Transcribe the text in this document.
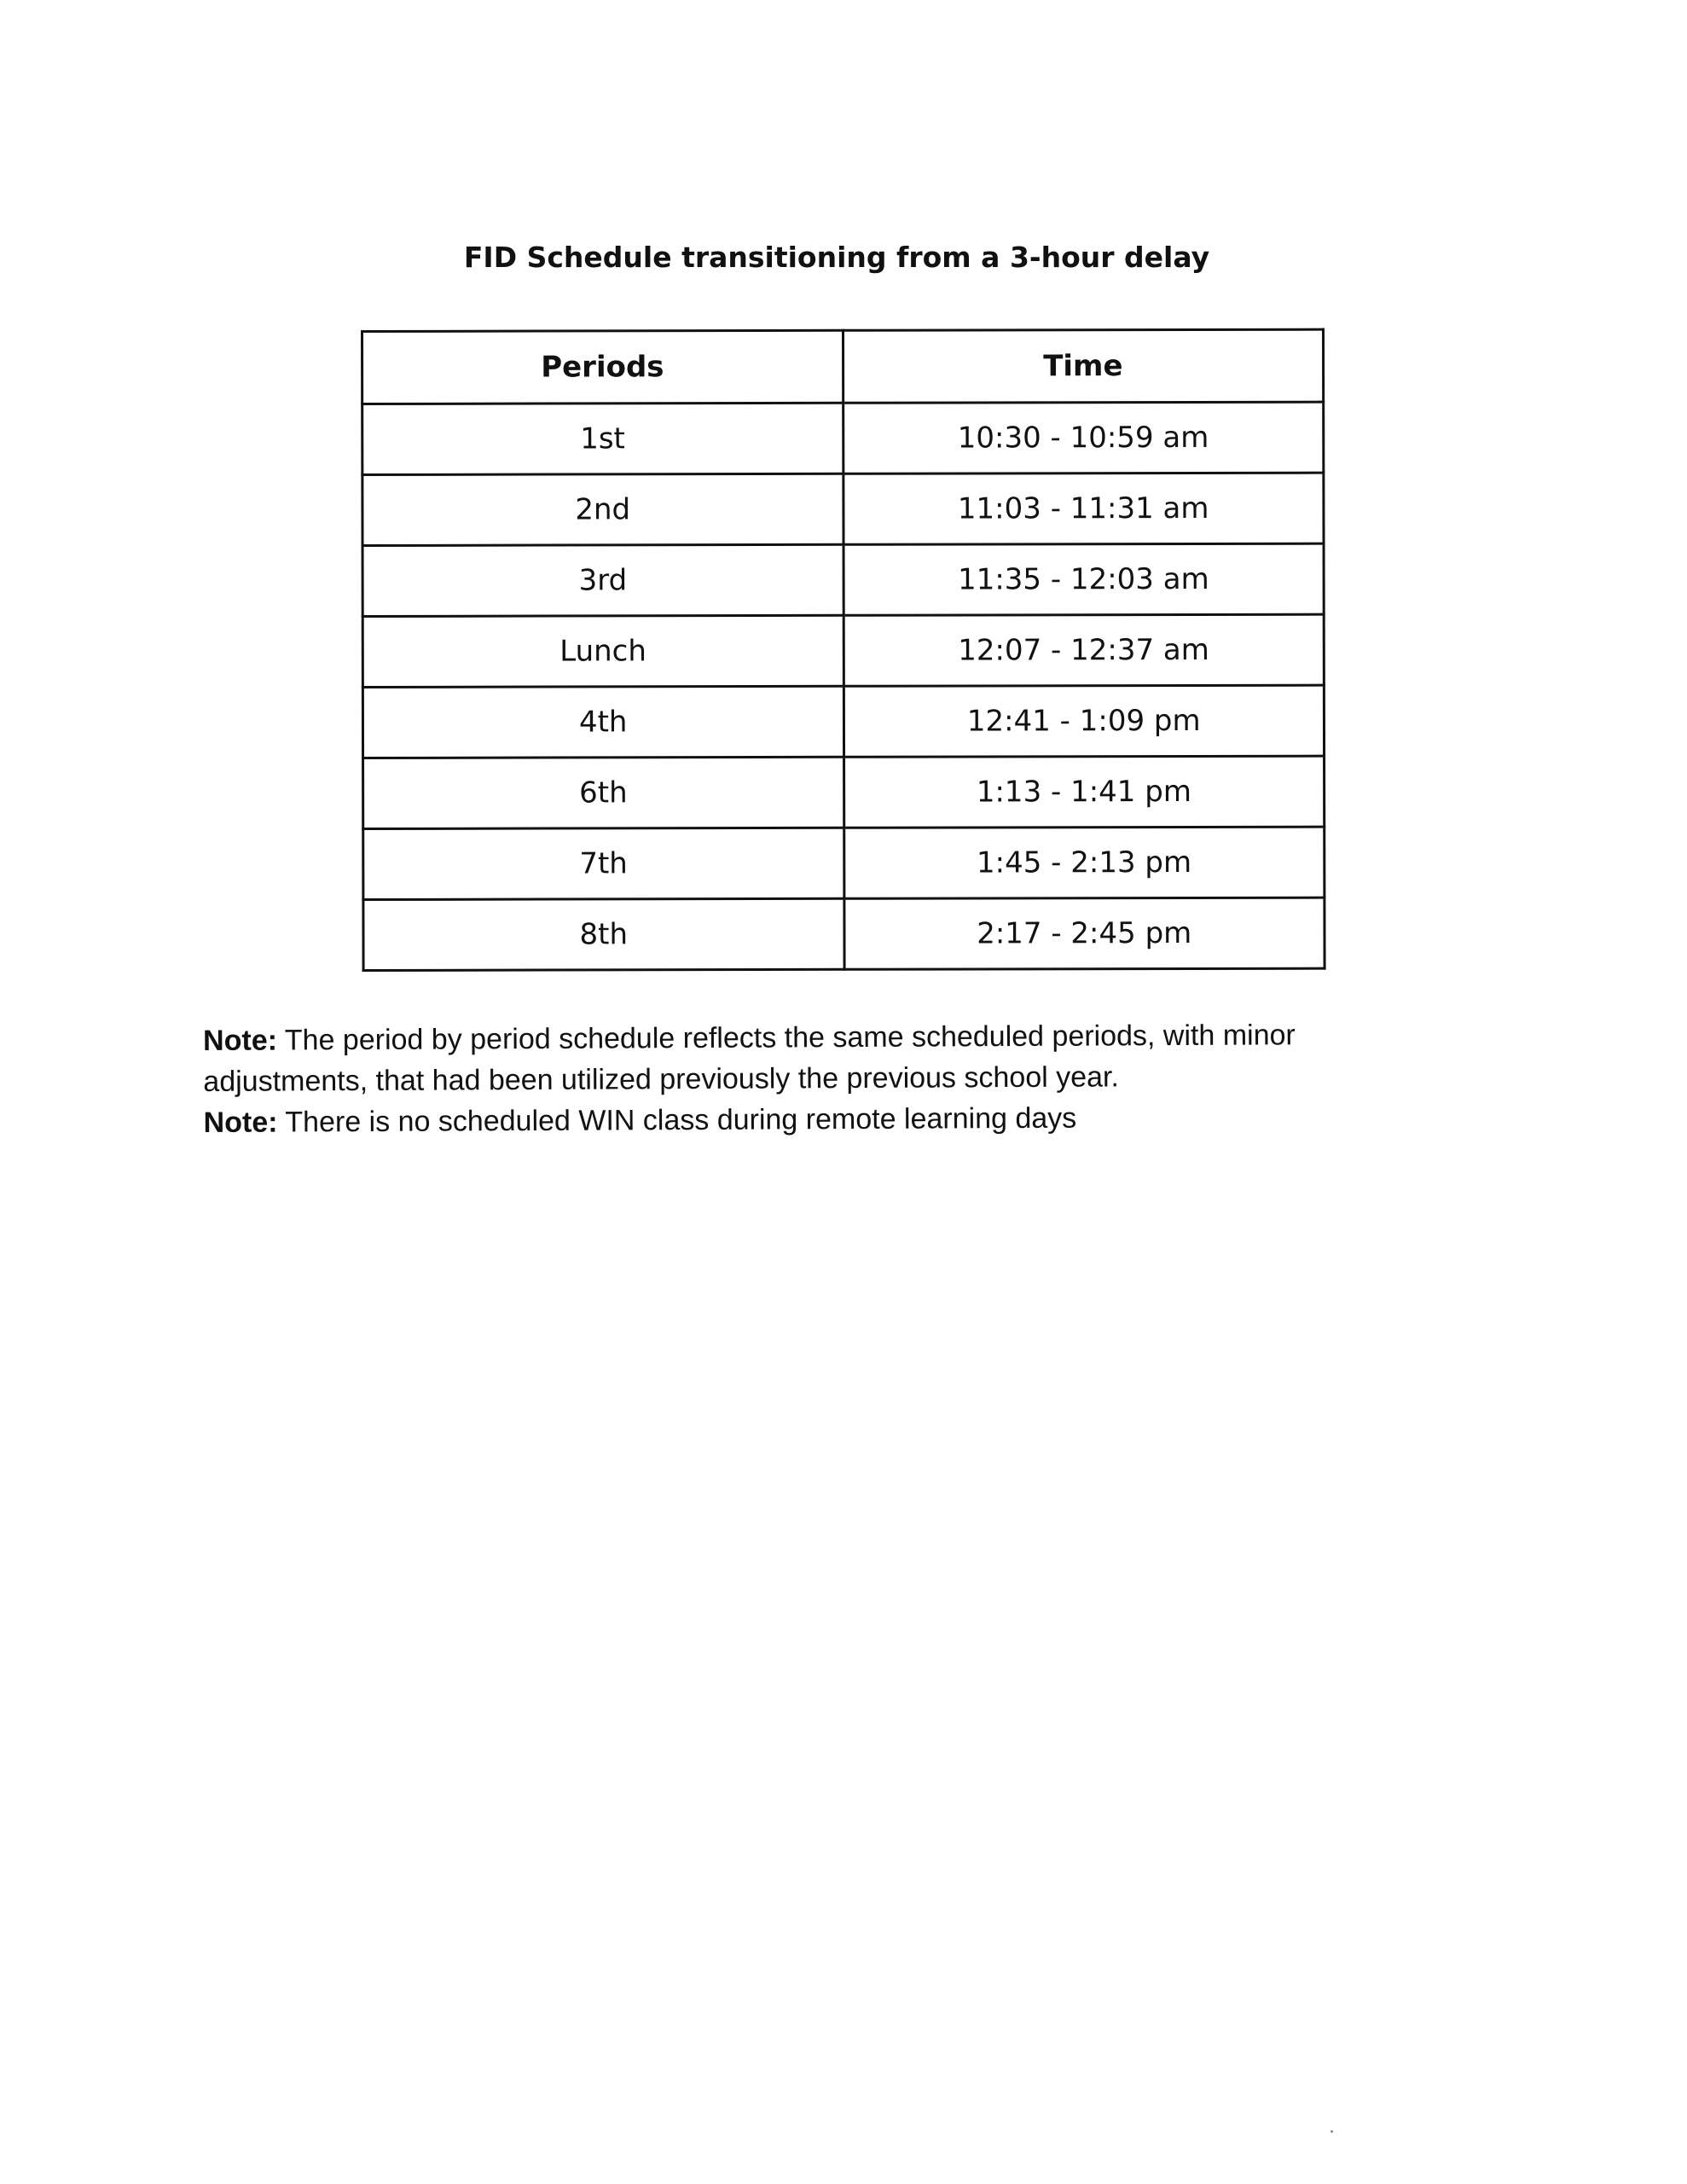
FID Schedule transitioning from a 3-hour delay
Periods	Time
1st	10:30 - 10:59 am
2nd	11:03 - 11:31 am
3rd	11:35 - 12:03 am
Lunch	12:07 - 12:37 am
4th	12:41 - 1:09 pm
6th	1:13 - 1:41 pm
7th	1:45 - 2:13 pm
8th	2:17 - 2:45 pm

Note: The period by period schedule reflects the same scheduled periods, with minor adjustments, that had been utilized previously the previous school year.

Note: There is no scheduled WIN class during remote learning days
